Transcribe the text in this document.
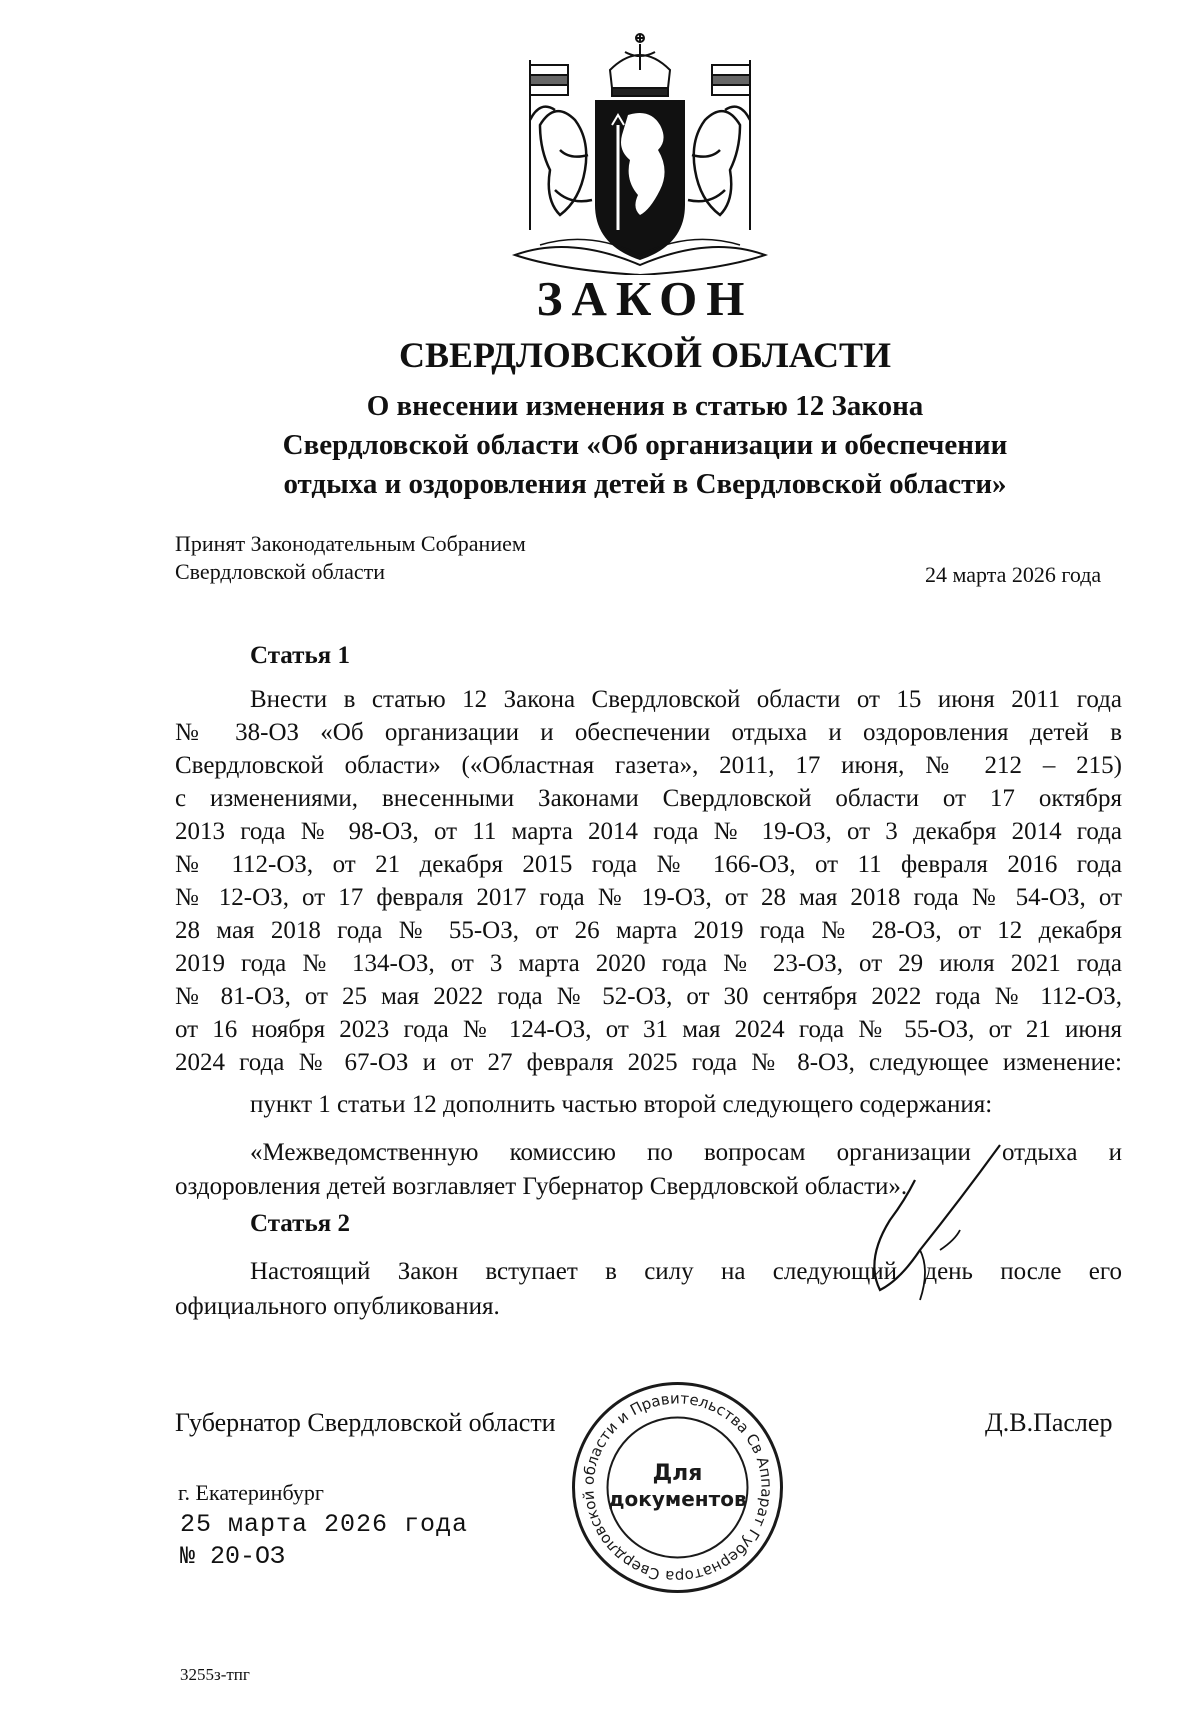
ЗАКОН
СВЕРДЛОВСКОЙ ОБЛАСТИ
О внесении изменения в статью 12 Закона
Свердловской области «Об организации и обеспечении
отдыха и оздоровления детей в Свердловской области»
Принят Законодательным Собранием
Свердловской области	24 марта 2026 года
Статья 1
Внести в статью 12 Закона Свердловской области от 15 июня 2011 года
№ 38-ОЗ «Об организации и обеспечении отдыха и оздоровления детей в
Свердловской области» («Областная газета», 2011, 17 июня, № 212 – 215)
с изменениями, внесенными Законами Свердловской области от 17 октября
2013 года № 98-ОЗ, от 11 марта 2014 года № 19-ОЗ, от 3 декабря 2014 года
№ 112-ОЗ, от 21 декабря 2015 года № 166-ОЗ, от 11 февраля 2016 года
№ 12-ОЗ, от 17 февраля 2017 года № 19-ОЗ, от 28 мая 2018 года № 54-ОЗ, от
28 мая 2018 года № 55-ОЗ, от 26 марта 2019 года № 28-ОЗ, от 12 декабря
2019 года № 134-ОЗ, от 3 марта 2020 года № 23-ОЗ, от 29 июля 2021 года
№ 81-ОЗ, от 25 мая 2022 года № 52-ОЗ, от 30 сентября 2022 года № 112-ОЗ,
от 16 ноября 2023 года № 124-ОЗ, от 31 мая 2024 года № 55-ОЗ, от 21 июня
2024 года № 67-ОЗ и от 27 февраля 2025 года № 8-ОЗ, следующее изменение:
пункт 1 статьи 12 дополнить частью второй следующего содержания:
«Межведомственную комиссию по вопросам организации отдыха и
оздоровления детей возглавляет Губернатор Свердловской области».
Статья 2
Настоящий Закон вступает в силу на следующий день после его
официального опубликования.
Губернатор Свердловской области	Д.В.Паслер
г. Екатеринбург
25 марта 2026 года
№ 20-ОЗ
Аппарат Губернатора Свердловской области и Правительства Свердловской
Для
документов
3255з-тпг
